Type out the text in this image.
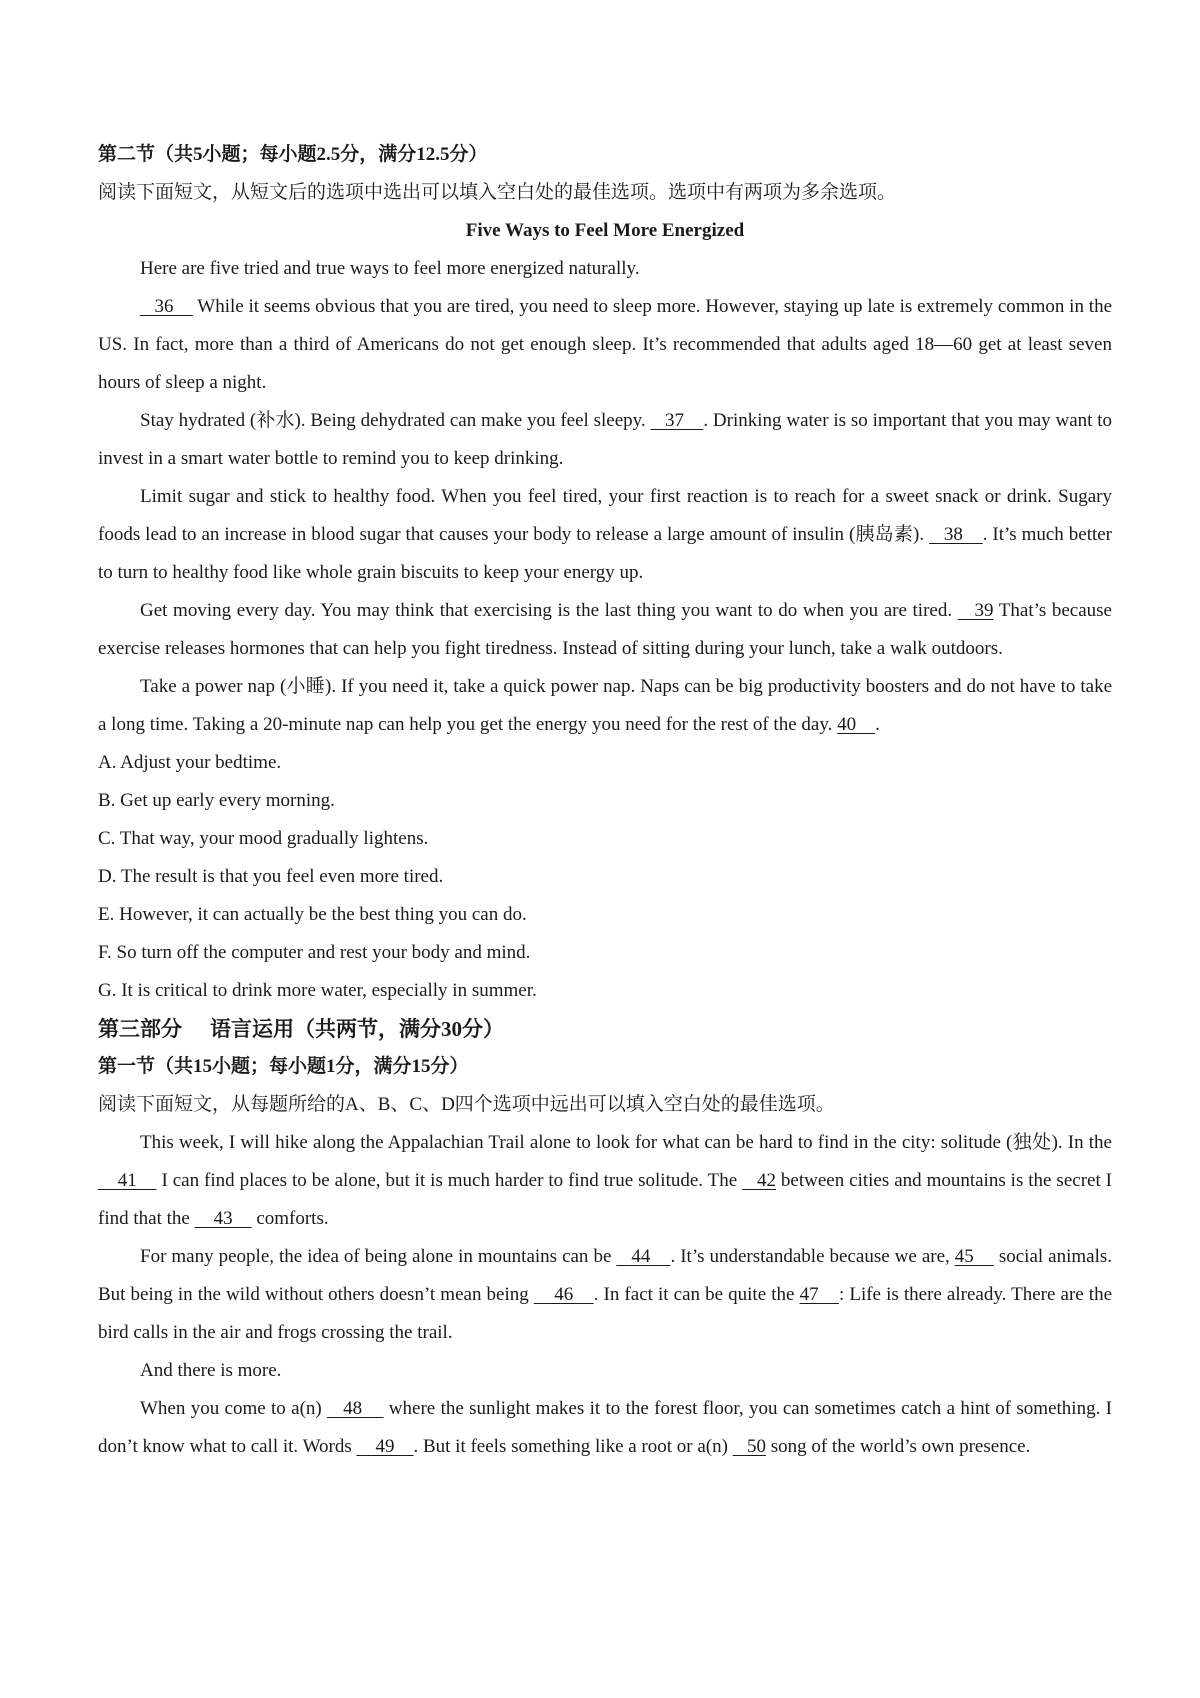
第二节（共5小题；每小题2.5分，满分12.5分）

阅读下面短文，从短文后的选项中选出可以填入空白处的最佳选项。选项中有两项为多余选项。

Five Ways to Feel More Energized

Here are five tried and true ways to feel more energized naturally.

36     While it seems obvious that you are tired, you need to sleep more. However, staying up late is extremely common in the US. In fact, more than a third of Americans do not get enough sleep. It’s recommended that adults aged 18—60 get at least seven hours of sleep a night.

Stay hydrated (补水). Being dehydrated can make you feel sleepy.    37    . Drinking water is so important that you may want to invest in a smart water bottle to remind you to keep drinking.

Limit sugar and stick to healthy food. When you feel tired, your first reaction is to reach for a sweet snack or drink. Sugary foods lead to an increase in blood sugar that causes your body to release a large amount of insulin (胰岛素).    38    . It’s much better to turn to healthy food like whole grain biscuits to keep your energy up.

Get moving every day. You may think that exercising is the last thing you want to do when you are tired.    39 That’s because exercise releases hormones that can help you fight tiredness. Instead of sitting during your lunch, take a walk outdoors.

Take a power nap (小睡). If you need it, take a quick power nap. Naps can be big productivity boosters and do not have to take a long time. Taking a 20-minute nap can help you get the energy you need for the rest of the day. 40    .

A. Adjust your bedtime.

B. Get up early every morning.

C. That way, your mood gradually lightens.

D. The result is that you feel even more tired.

E. However, it can actually be the best thing you can do.

F. So turn off the computer and rest your body and mind.

G. It is critical to drink more water, especially in summer.

第三部分 语言运用（共两节，满分30分）

第一节（共15小题；每小题1分，满分15分）

阅读下面短文，从每题所给的A、B、C、D四个选项中远出可以填入空白处的最佳选项。

This week, I will hike along the Appalachian Trail alone to look for what can be hard to find in the city: solitude (独处). In the     41     I can find places to be alone, but it is much harder to find true solitude. The    42 between cities and mountains is the secret I find that the     43     comforts.

For many people, the idea of being alone in mountains can be    44    . It’s understandable because we are, 45     social animals. But being in the wild without others doesn’t mean being     46    . In fact it can be quite the 47    : Life is there already. There are the bird calls in the air and frogs crossing the trail.

And there is more.

When you come to a(n)    48     where the sunlight makes it to the forest floor, you can sometimes catch a hint of something. I don’t know what to call it. Words     49    . But it feels something like a root or a(n)    50 song of the world’s own presence.
